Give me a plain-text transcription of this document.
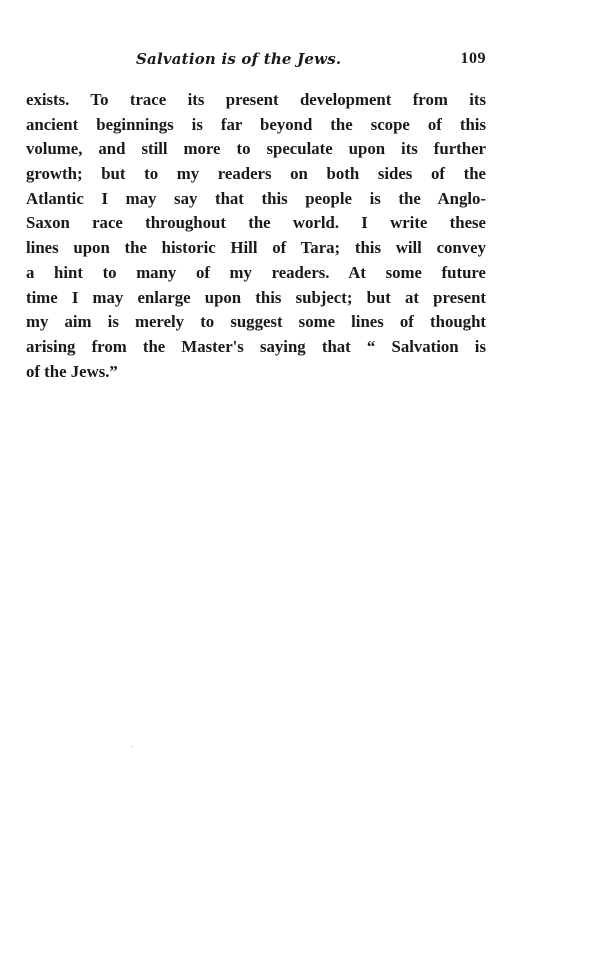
Salvation is of the Jews.	109
exists. To trace its present development from its
ancient beginnings is far beyond the scope of this
volume, and still more to speculate upon its further
growth; but to my readers on both sides of the
Atlantic I may say that this people is the Anglo-
Saxon race throughout the world. I write these
lines upon the historic Hill of Tara; this will convey
a hint to many of my readers. At some future
time I may enlarge upon this subject; but at present
my aim is merely to suggest some lines of thought
arising from the Master's saying that “ Salvation is
of the Jews.”
